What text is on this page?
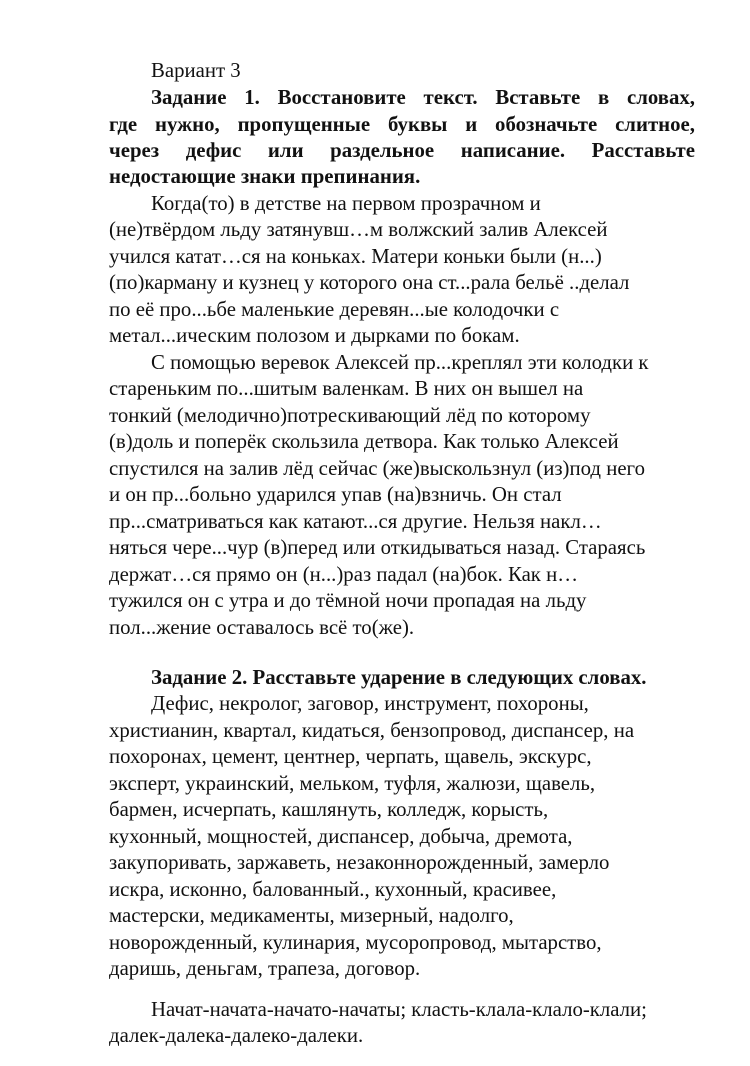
Вариант 3
Задание 1. Восстановите текст. Вставьте в словах,
где нужно, пропущенные буквы и обозначьте слитное,
через дефис или раздельное написание. Расставьте
недостающие знаки препинания.
Когда(то) в детстве на первом прозрачном и
(не)твёрдом льду затянувш…м волжский залив Алексей
учился катат…ся на коньках. Матери коньки были (н...)
(по)карману и кузнец у которого она ст...рала бельё ..делал
по её про...ьбе маленькие деревян...ые колодочки с
метал...ическим полозом и дырками по бокам.
С помощью веревок Алексей пр...креплял эти колодки к
стареньким по...шитым валенкам. В них он вышел на
тонкий (мелодично)потрескивающий лёд по которому
(в)доль и поперёк скользила детвора. Как только Алексей
спустился на залив лёд сейчас (же)выскользнул (из)под него
и он пр...больно ударился упав (на)взничь. Он стал
пр...сматриваться как катают...ся другие. Нельзя накл…
няться чере...чур (в)перед или откидываться назад. Стараясь
держат…ся прямо он (н...)раз падал (на)бок. Как н…
тужился он с утра и до тёмной ночи пропадая на льду
пол...жение оставалось всё то(же).
Задание 2. Расставьте ударение в следующих словах.
Дефис, некролог, заговор, инструмент, похороны,
христианин, квартал, кидаться, бензопровод, диспансер, на
похоронах, цемент, центнер, черпать, щавель, экскурс,
эксперт, украинский, мельком, туфля, жалюзи, щавель,
бармен, исчерпать, кашлянуть, колледж, корысть,
кухонный, мощностей, диспансер, добыча, дремота,
закупоривать, заржаветь, незаконнорожденный, замерло
искра, исконно, балованный., кухонный, красивее,
мастерски, медикаменты, мизерный, надолго,
новорожденный, кулинария, мусоропровод, мытарство,
даришь, деньгам, трапеза, договор.
Начат-начата-начато-начаты; класть-клала-клало-клали;
далек-далека-далеко-далеки.
